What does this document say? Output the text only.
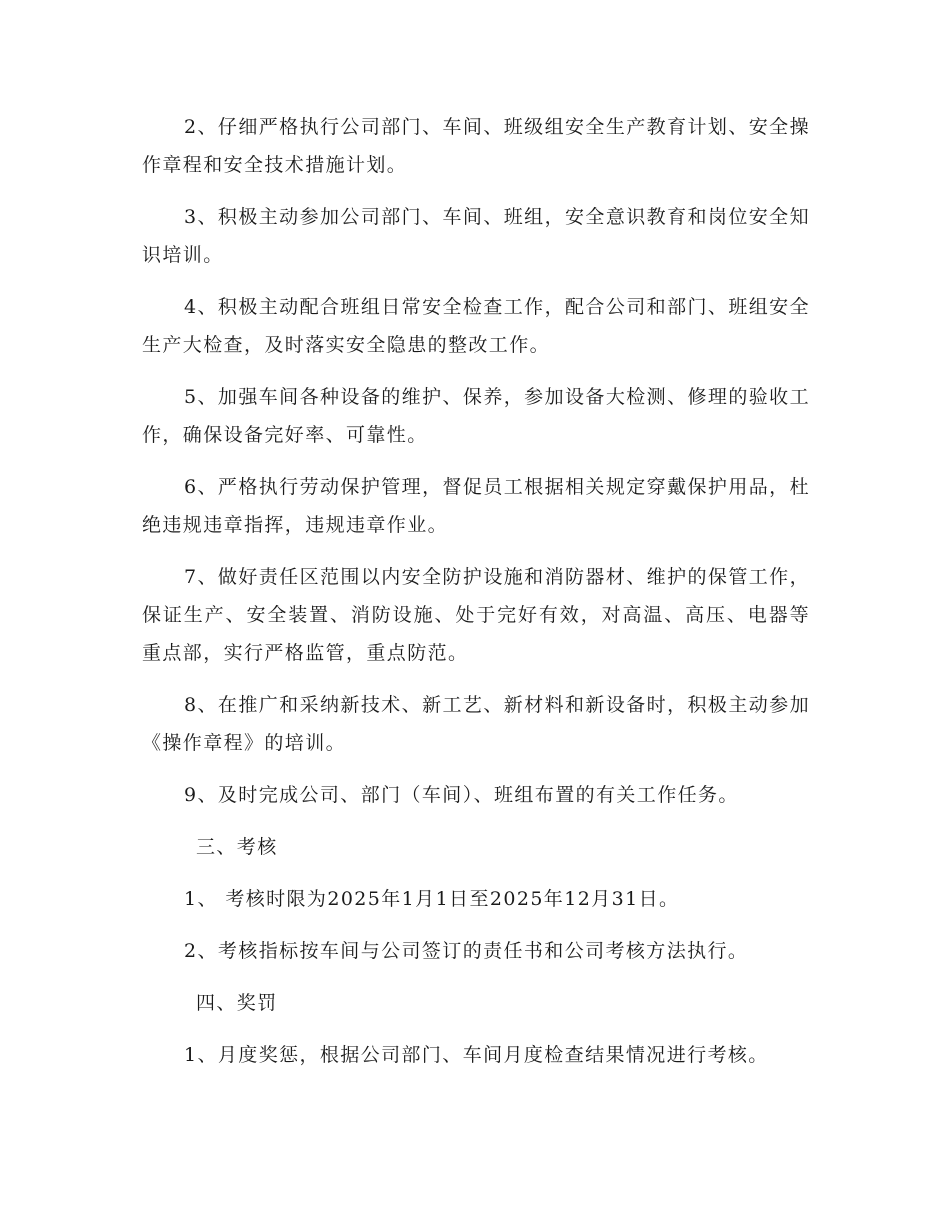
2、仔细严格执行公司部门、车间、班级组安全生产教育计划、安全操作章程和安全技术措施计划。

3、积极主动参加公司部门、车间、班组，安全意识教育和岗位安全知识培训。

4、积极主动配合班组日常安全检查工作，配合公司和部门、班组安全生产大检查，及时落实安全隐患的整改工作。

5、加强车间各种设备的维护、保养，参加设备大检测、修理的验收工作，确保设备完好率、可靠性。

6、严格执行劳动保护管理，督促员工根据相关规定穿戴保护用品，杜绝违规违章指挥，违规违章作业。

7、做好责任区范围以内安全防护设施和消防器材、维护的保管工作，保证生产、安全装置、消防设施、处于完好有效，对高温、高压、电器等重点部，实行严格监管，重点防范。

8、在推广和采纳新技术、新工艺、新材料和新设备时，积极主动参加《操作章程》的培训。

9、及时完成公司、部门（车间）、班组布置的有关工作任务。

三、考核

1、 考核时限为2025年1月1日至2025年12月31日。

2、考核指标按车间与公司签订的责任书和公司考核方法执行。

四、奖罚

1、月度奖惩，根据公司部门、车间月度检查结果情况进行考核。
